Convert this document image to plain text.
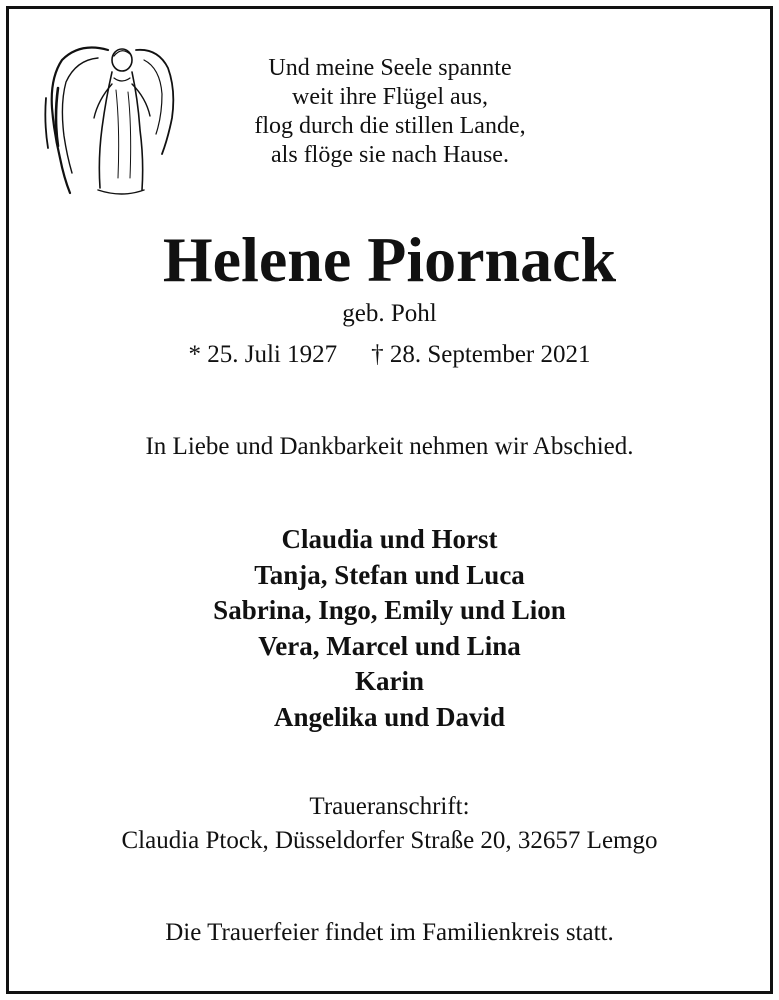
Und meine Seele spannte
weit ihre Flügel aus,
flog durch die stillen Lande,
als flöge sie nach Hause.
Helene Piornack
geb. Pohl
* 25. Juli 1927 † 28. September 2021
In Liebe und Dankbarkeit nehmen wir Abschied.
Claudia und Horst
Tanja, Stefan und Luca
Sabrina, Ingo, Emily und Lion
Vera, Marcel und Lina
Karin
Angelika und David
Traueranschrift:
Claudia Ptock, Düsseldorfer Straße 20, 32657 Lemgo
Die Trauerfeier findet im Familienkreis statt.
